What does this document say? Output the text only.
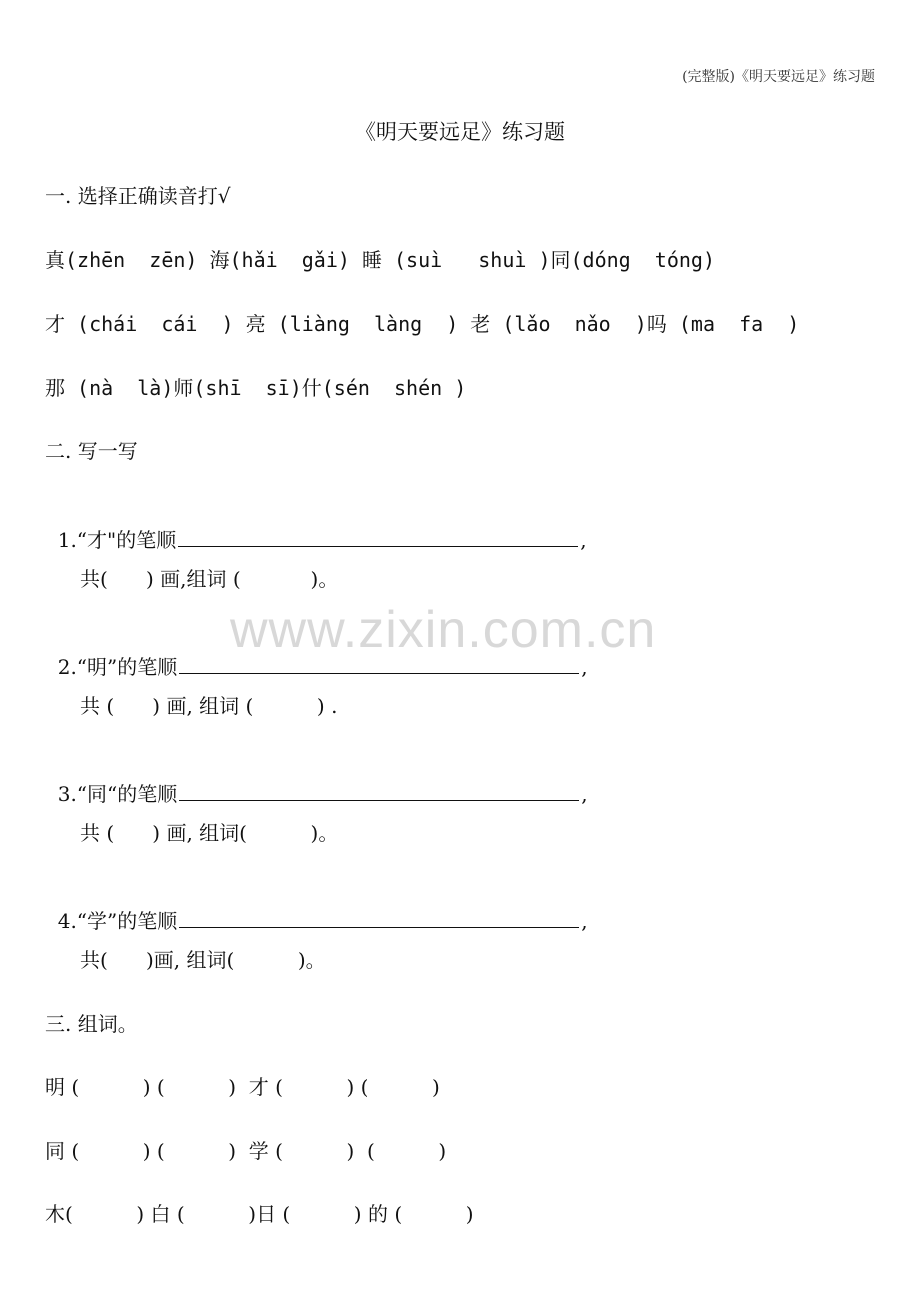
(完整版)《明天要远足》练习题
《明天要远足》练习题
www.zixin.com.cn
一. 选择正确读音打√
真(zhēn  zēn) 海(hǎi  gǎi) 睡 (suì   shuì )同(dóng  tóng)
才 (chái  cái  ) 亮 (liàng  làng  ) 老 (lǎo  nǎo  )吗 (ma  fa  )
那 (nà  là)师(shī  sī)什(sén  shén )
二. 写一写

1.“才"的笔顺	,

共(      ) 画,组词 (           )。

2.“明”的笔顺	,

共 (      ) 画, 组词 (          ) .

3.“同“的笔顺	,

共 (      ) 画, 组词(          )。

4.“学”的笔顺	,

共(      )画, 组词(          )。
三. 组词。
明 (          ) (          )  才 (          ) (          )
同 (          ) (          )  学 (          )  (          )
木(          ) 白 (          )日 (          ) 的 (          )
